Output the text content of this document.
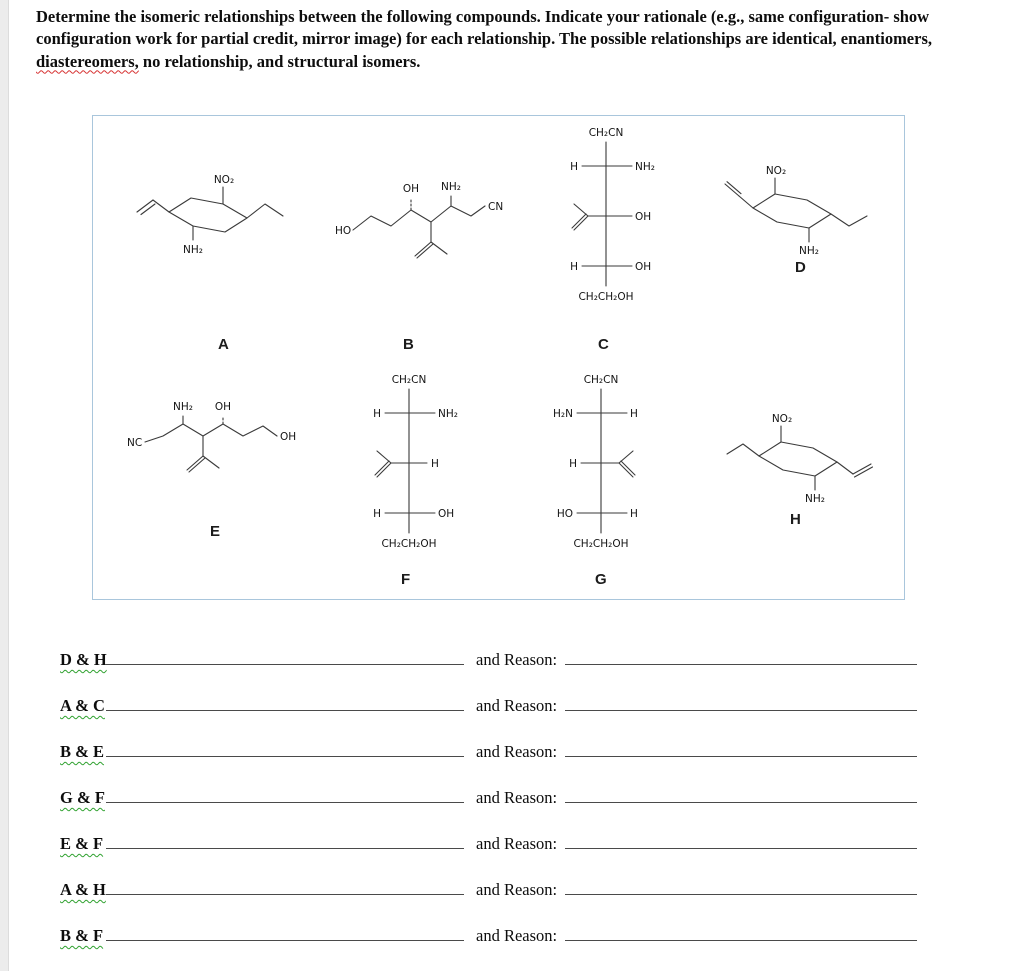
Determine the isomeric relationships between the following compounds. Indicate your rationale (e.g., same configuration- show configuration work for partial credit, mirror image) for each relationship. The possible relationships are identical, enantiomers, diastereomers, no relationship, and structural isomers.

NO₂
NH₂
A
HO
OH NH₂
CN
B
CH₂CN
H	NH₂
OH
H	OH
CH₂CH₂OH
C
NO₂
NH₂
D
NC
NH₂ OH
OH
E
CH₂CN
H	NH₂
H
H	OH
CH₂CH₂OH
F
CH₂CN
H₂N	H
H
HO	H
CH₂CH₂OH
G
NO₂
NH₂
H
D & H	and Reason:
A & C	and Reason:
B & E	and Reason:
G & F	and Reason:
E & F	and Reason:
A & H	and Reason:
B & F	and Reason:
